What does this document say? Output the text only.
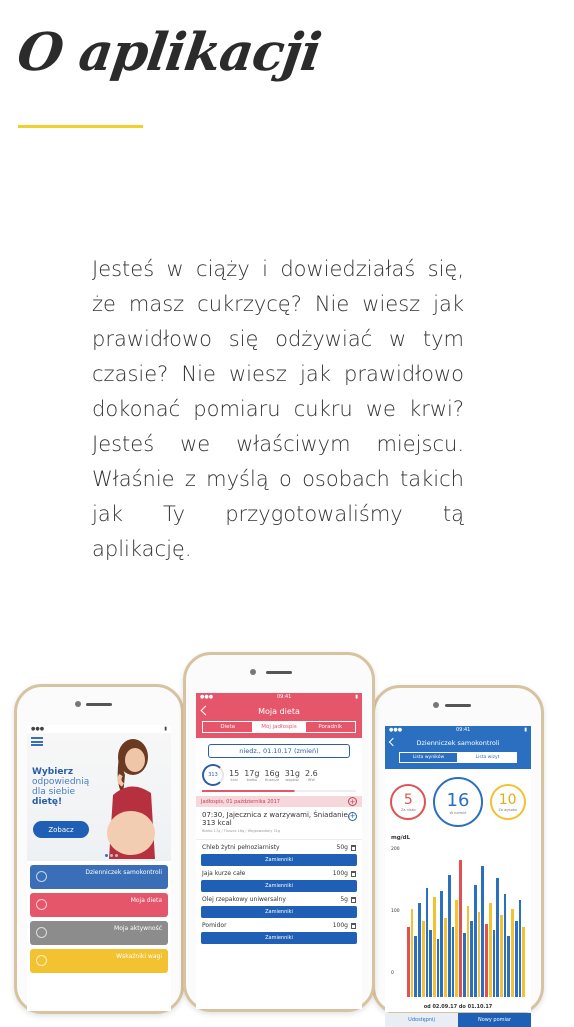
O aplikacji

Jesteś w ciąży i dowiedziałaś się, że masz cukrzycę? Nie wiesz jak prawidłowo się odżywiać w tym czasie? Nie wiesz jak prawidłowo dokonać pomiaru cukru we krwi? Jesteś we właściwym miejscu. Właśnie z myślą o osobach takich jak Ty przygotowaliśmy tą aplikację.

●●●	▮
Wybierz
odpowiednią dla siebie
dietę!
Zobacz
Dzienniczek samokontroli
Moja dieta
Moja aktywność
Wskaźniki wagi
●●●	09:41	▮
Moja dieta
Dieta	Mój jadłospis	Poradnik
niedz., 01.10.17 (zmień)
313	15
kcal
17g
białko
16g
tłuszcze
31g
węglow.
2.6
WW
Jadłospis, 01 października 2017	+
07:30, Jajecznica z warzywami, Śniadanie, 313 kcal
Białko 17g / Tłuszcz 16g / Węglowodany 31g
+
Chleb żytni pełnoziarnisty	50g
Zamienniki
Jaja kurze całe	100g
Zamienniki
Olej rzepakowy uniwersalny	5g
Zamienniki
Pomidor	100g
Zamienniki
●●●	09:41	▮
Dzienniczek samokontroli
Lista wyników	Lista wizyt
5
Za nisko 16
W normie
10
Za wysoko
mg/dL
200
100
0
od 02.09.17 do 01.10.17
Udostępnij	Nowy pomiar
